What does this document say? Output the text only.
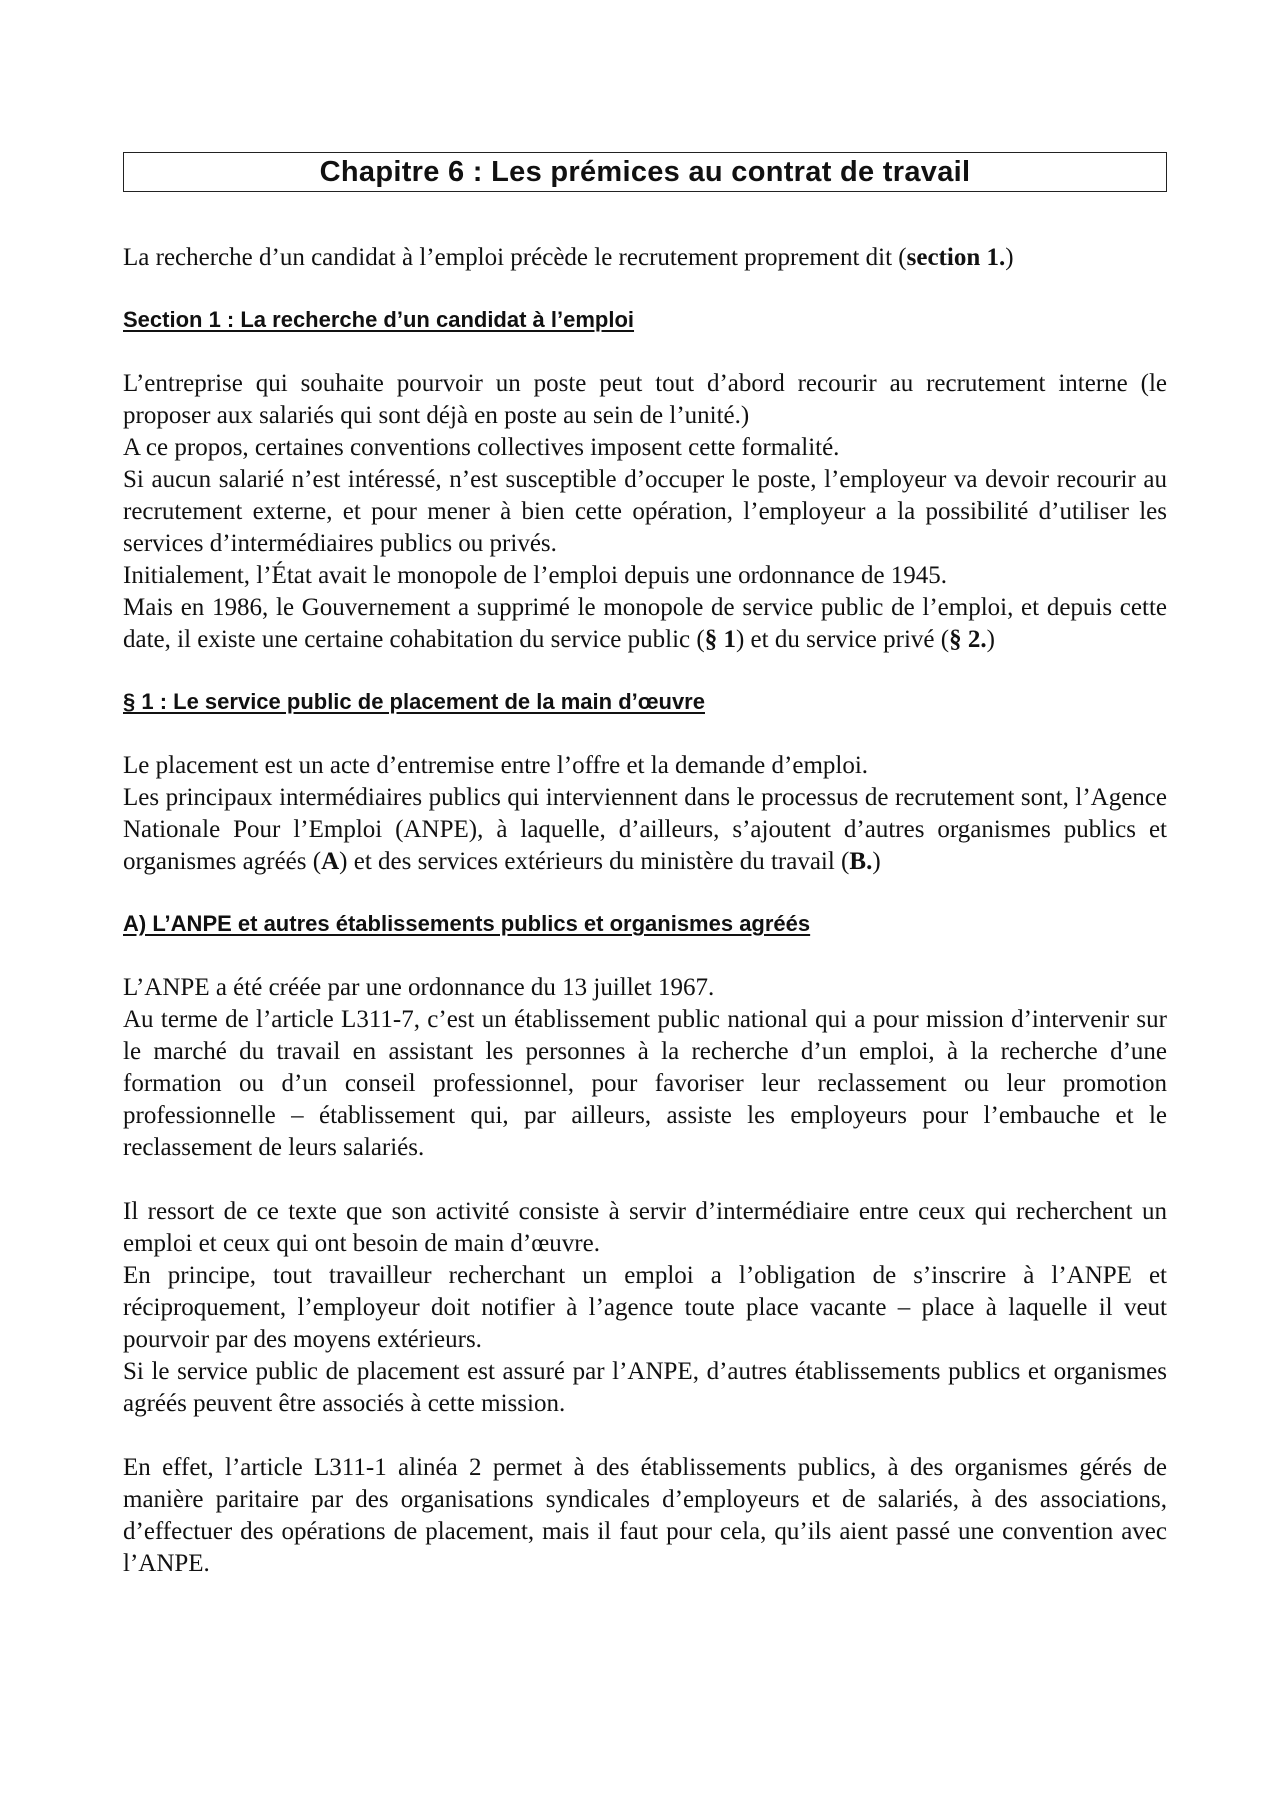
Chapitre 6 : Les prémices au contrat de travail

La recherche d’un candidat à l’emploi précède le recrutement proprement dit (section 1.)

Section 1 : La recherche d’un candidat à l’emploi

L’entreprise qui souhaite pourvoir un poste peut tout d’abord recourir au recrutement interne (le proposer aux salariés qui sont déjà en poste au sein de l’unité.)

A ce propos, certaines conventions collectives imposent cette formalité.

Si aucun salarié n’est intéressé, n’est susceptible d’occuper le poste, l’employeur va devoir recourir au recrutement externe, et pour mener à bien cette opération, l’employeur a la possibilité d’utiliser les services d’intermédiaires publics ou privés.

Initialement, l’État avait le monopole de l’emploi depuis une ordonnance de 1945.

Mais en 1986, le Gouvernement a supprimé le monopole de service public de l’emploi, et depuis cette date, il existe une certaine cohabitation du service public (§ 1) et du service privé (§ 2.)

§ 1 : Le service public de placement de la main d’œuvre

Le placement est un acte d’entremise entre l’offre et la demande d’emploi.

Les principaux intermédiaires publics qui interviennent dans le processus de recrutement sont, l’Agence Nationale Pour l’Emploi (ANPE), à laquelle, d’ailleurs, s’ajoutent d’autres organismes publics et organismes agréés (A) et des services extérieurs du ministère du travail (B.)

A) L’ANPE et autres établissements publics et organismes agréés

L’ANPE a été créée par une ordonnance du 13 juillet 1967.

Au terme de l’article L311-7, c’est un établissement public national qui a pour mission d’intervenir sur le marché du travail en assistant les personnes à la recherche d’un emploi, à la recherche d’une formation ou d’un conseil professionnel, pour favoriser leur reclassement ou leur promotion professionnelle – établissement qui, par ailleurs, assiste les employeurs pour l’embauche et le reclassement de leurs salariés.

Il ressort de ce texte que son activité consiste à servir d’intermédiaire entre ceux qui recherchent un emploi et ceux qui ont besoin de main d’œuvre.

En principe, tout travailleur recherchant un emploi a l’obligation de s’inscrire à l’ANPE et réciproquement, l’employeur doit notifier à l’agence toute place vacante – place à laquelle il veut pourvoir par des moyens extérieurs.

Si le service public de placement est assuré par l’ANPE, d’autres établissements publics et organismes agréés peuvent être associés à cette mission.

En effet, l’article L311-1 alinéa 2 permet à des établissements publics, à des organismes gérés de manière paritaire par des organisations syndicales d’employeurs et de salariés, à des associations, d’effectuer des opérations de placement, mais il faut pour cela, qu’ils aient passé une convention avec l’ANPE.
